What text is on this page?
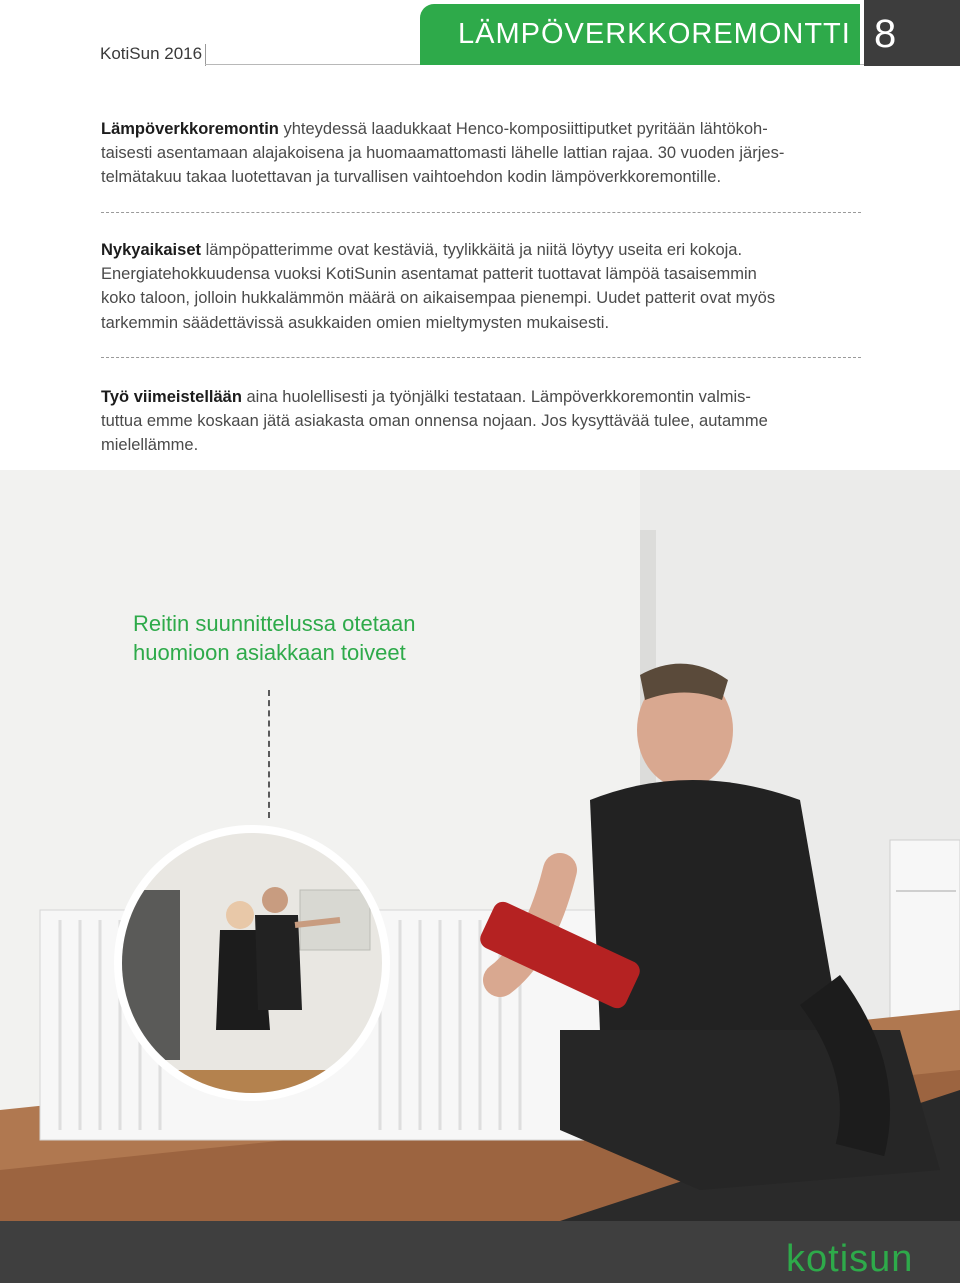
KotiSun 2016
LÄMPÖVERKKOREMONTTI 8
Lämpöverkkoremontin yhteydessä laadukkaat Henco-komposiittiputket pyritään lähtökoh-
taisesti asentamaan alajakoisena ja huomaamattomasti lähelle lattian rajaa. 30 vuoden järjes-
telmätakuu takaa luotettavan ja turvallisen vaihtoehdon kodin lämpöverkkoremontille.
Nykyaikaiset lämpöpatterimme ovat kestäviä, tyylikkäitä ja niitä löytyy useita eri kokoja.
Energiatehokkuudensa vuoksi KotiSunin asentamat patterit tuottavat lämpöä tasaisemmin
koko taloon, jolloin hukkalämmön määrä on aikaisempaa pienempi. Uudet patterit ovat myös
tarkemmin säädettävissä asukkaiden omien mieltymysten mukaisesti.
Työ viimeistellään aina huolellisesti ja työnjälki testataan. Lämpöverkkoremontin valmis-
tuttua emme koskaan jätä asiakasta oman onnensa nojaan. Jos kysyttävää tulee, autamme
mielellämme.
Reitin suunnittelussa otetaan
huomioon asiakkaan toiveet
kotisun
